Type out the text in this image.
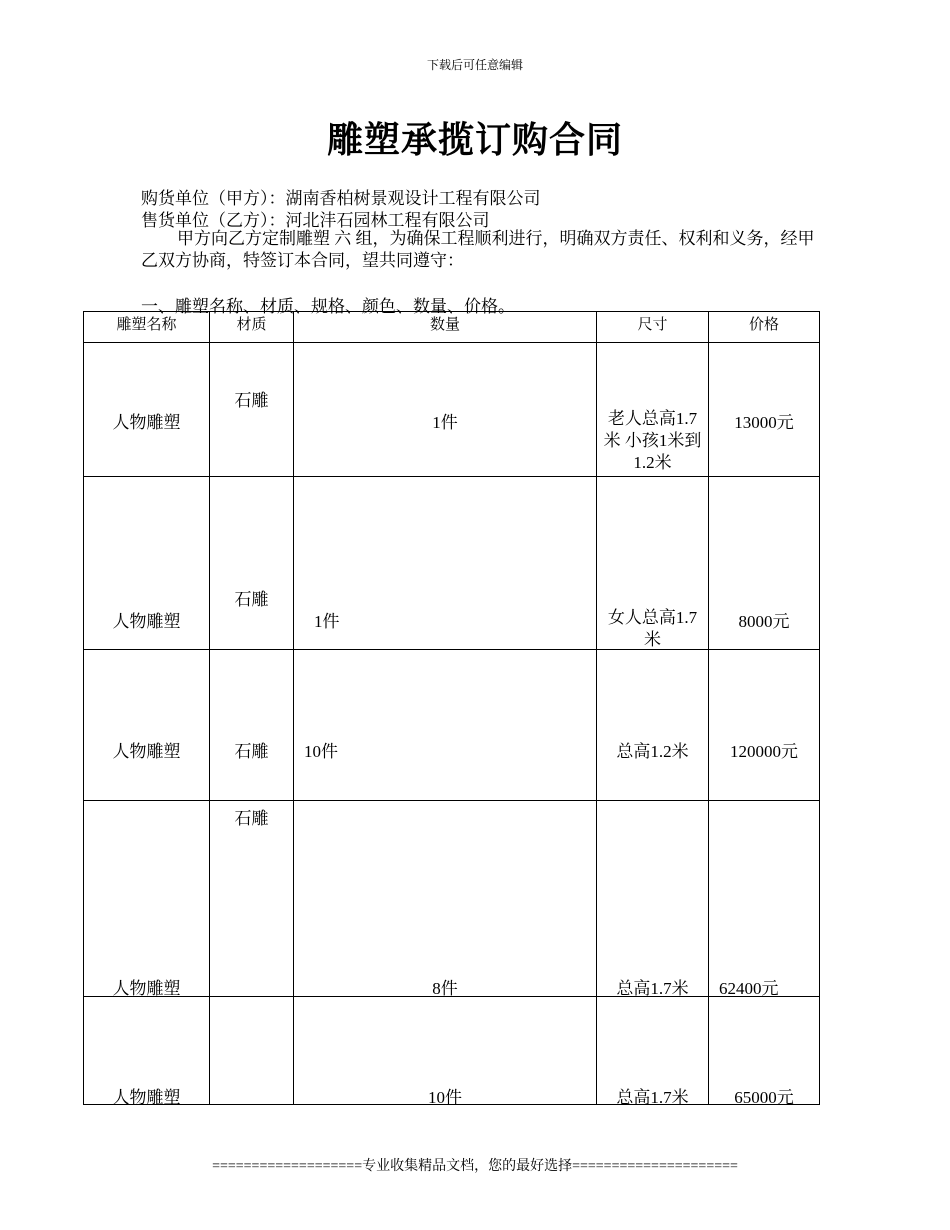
下载后可任意编辑
雕塑承揽订购合同
购货单位（甲方）：湖南香柏树景观设计工程有限公司
售货单位（乙方）：河北沣石园林工程有限公司
甲方向乙方定制雕塑 六 组，为确保工程顺利进行，明确双方责任、权利和义务，经甲乙双方协商，特签订本合同，望共同遵守：
一、雕塑名称、材质、规格、颜色、数量、价格。
雕塑名称	材质	数量	尺寸	价格

人物雕塑	石雕	1件	老人总高1.7米 小孩1米到1.2米	13000元

人物雕塑	石雕	1件	女人总高1.7米	8000元

人物雕塑	石雕	10件	总高1.2米	120000元

人物雕塑	石雕	8件	总高1.7米	62400元

人物雕塑		10件	总高1.7米	65000元
===================专业收集精品文档，您的最好选择=====================
